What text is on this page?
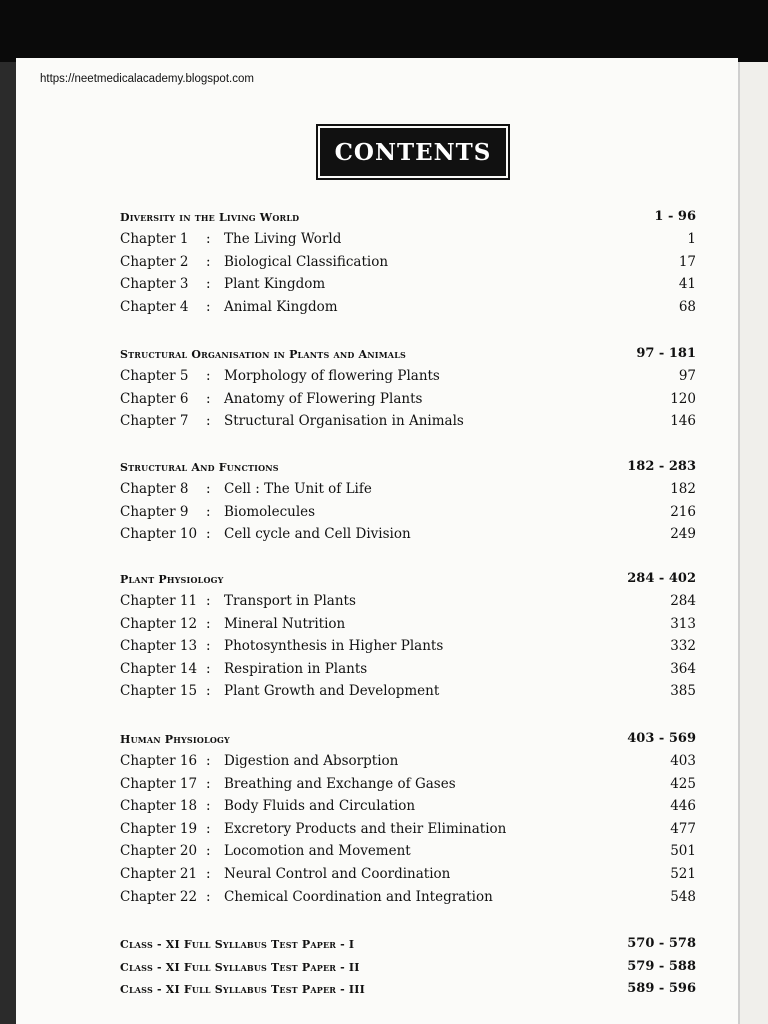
https://neetmedicalacademy.blogspot.com
CONTENTS
Diversity in the Living World	1 - 96
Chapter 1 : The Living World	1
Chapter 2 : Biological Classification	17
Chapter 3 : Plant Kingdom	41
Chapter 4 : Animal Kingdom	68
Structural Organisation in Plants and Animals	97 - 181
Chapter 5 : Morphology of flowering Plants	97
Chapter 6 : Anatomy of Flowering Plants	120
Chapter 7 : Structural Organisation in Animals	146
Structural And Functions	182 - 283
Chapter 8 : Cell : The Unit of Life	182
Chapter 9 : Biomolecules	216
Chapter 10 : Cell cycle and Cell Division	249
Plant Physiology	284 - 402
Chapter 11 : Transport in Plants	284
Chapter 12 : Mineral Nutrition	313
Chapter 13 : Photosynthesis in Higher Plants	332
Chapter 14 : Respiration in Plants	364
Chapter 15 : Plant Growth and Development	385
Human Physiology	403 - 569
Chapter 16 : Digestion and Absorption	403
Chapter 17 : Breathing and Exchange of Gases	425
Chapter 18 : Body Fluids and Circulation	446
Chapter 19 : Excretory Products and their Elimination	477
Chapter 20 : Locomotion and Movement	501
Chapter 21 : Neural Control and Coordination	521
Chapter 22 : Chemical Coordination and Integration	548
Class - XI Full Syllabus Test Paper - I	570 - 578
Class - XI Full Syllabus Test Paper - II	579 - 588
Class - XI Full Syllabus Test Paper - III	589 - 596
